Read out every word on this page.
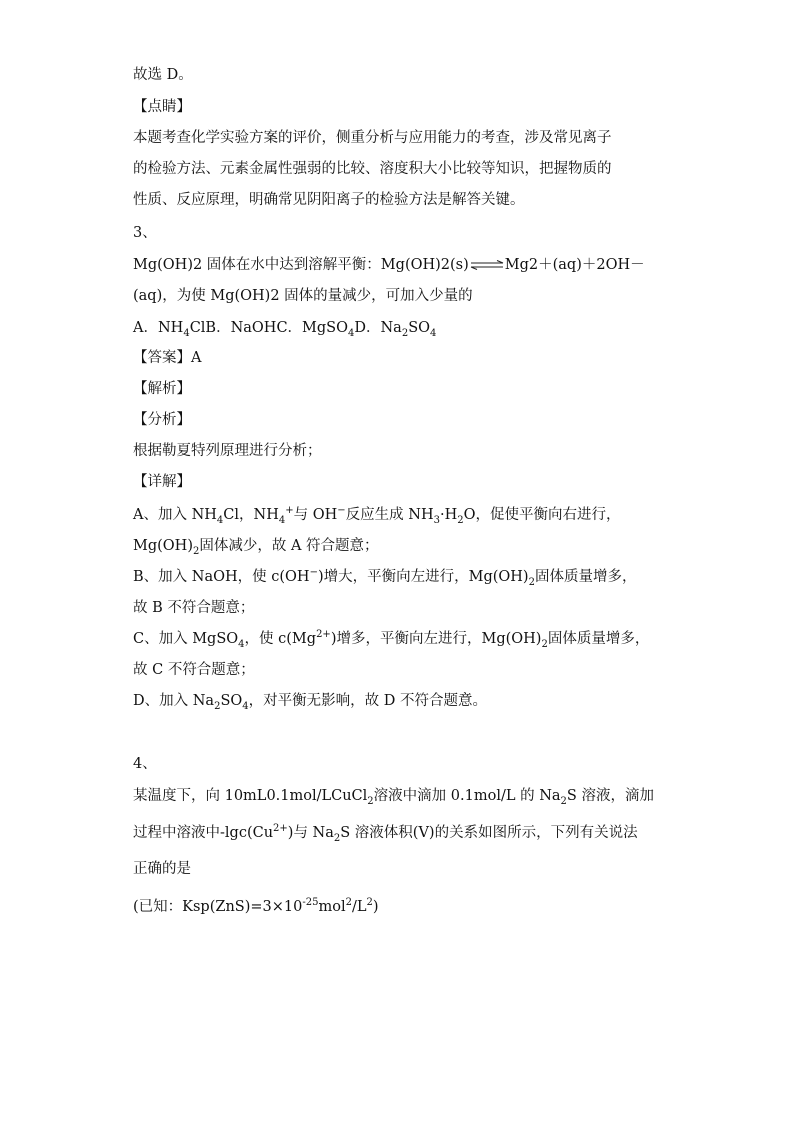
故选 D。
【点睛】
本题考查化学实验方案的评价，侧重分析与应用能力的考查，涉及常见离子
的检验方法、元素金属性强弱的比较、溶度积大小比较等知识，把握物质的
性质、反应原理，明确常见阴阳离子的检验方法是解答关键。
3、
Mg(OH)2 固体在水中达到溶解平衡：Mg(OH)2(s)⇌Mg2＋(aq)＋2OH－
(aq)，为使 Mg(OH)2 固体的量减少，可加入少量的
A．$NH_4ClB$．NaOHC．MgSO$_4$D．$Na_2SO_4$
【答案】A
【解析】
【分析】
根据勒夏特列原理进行分析；
【详解】
A、加入 $NH_4Cl$，$NH_4^+$与 OH−反应生成 $NH_3\cdot H_2O$，促使平衡向右进行，
$Mg(OH)_2$固体减少，故 A 符合题意；
B、加入 NaOH，使 c(OH−)增大，平衡向左进行，$Mg(OH)_2$固体质量增多，
故 B 不符合题意；
C、加入 MgSO$_4$，使 $c(Mg^{2+})$增多，平衡向左进行，$Mg(OH)_2$固体质量增多，
故 C 不符合题意；
D、加入 $Na_2SO_4$，对平衡无影响，故 D 不符合题意。
4、
某温度下，向 10mL0.1mol/LCuCl$_2$溶液中滴加 0.1mol/L 的 $Na_2S$ 溶液，滴加
过程中溶液中$-\lg c(Cu^{2+})$与 $Na_2S$ 溶液体积(V)的关系如图所示，下列有关说法
正确的是
(已知：$Ksp(ZnS)=3\times 10^{-25}mol^2/L^2$)
